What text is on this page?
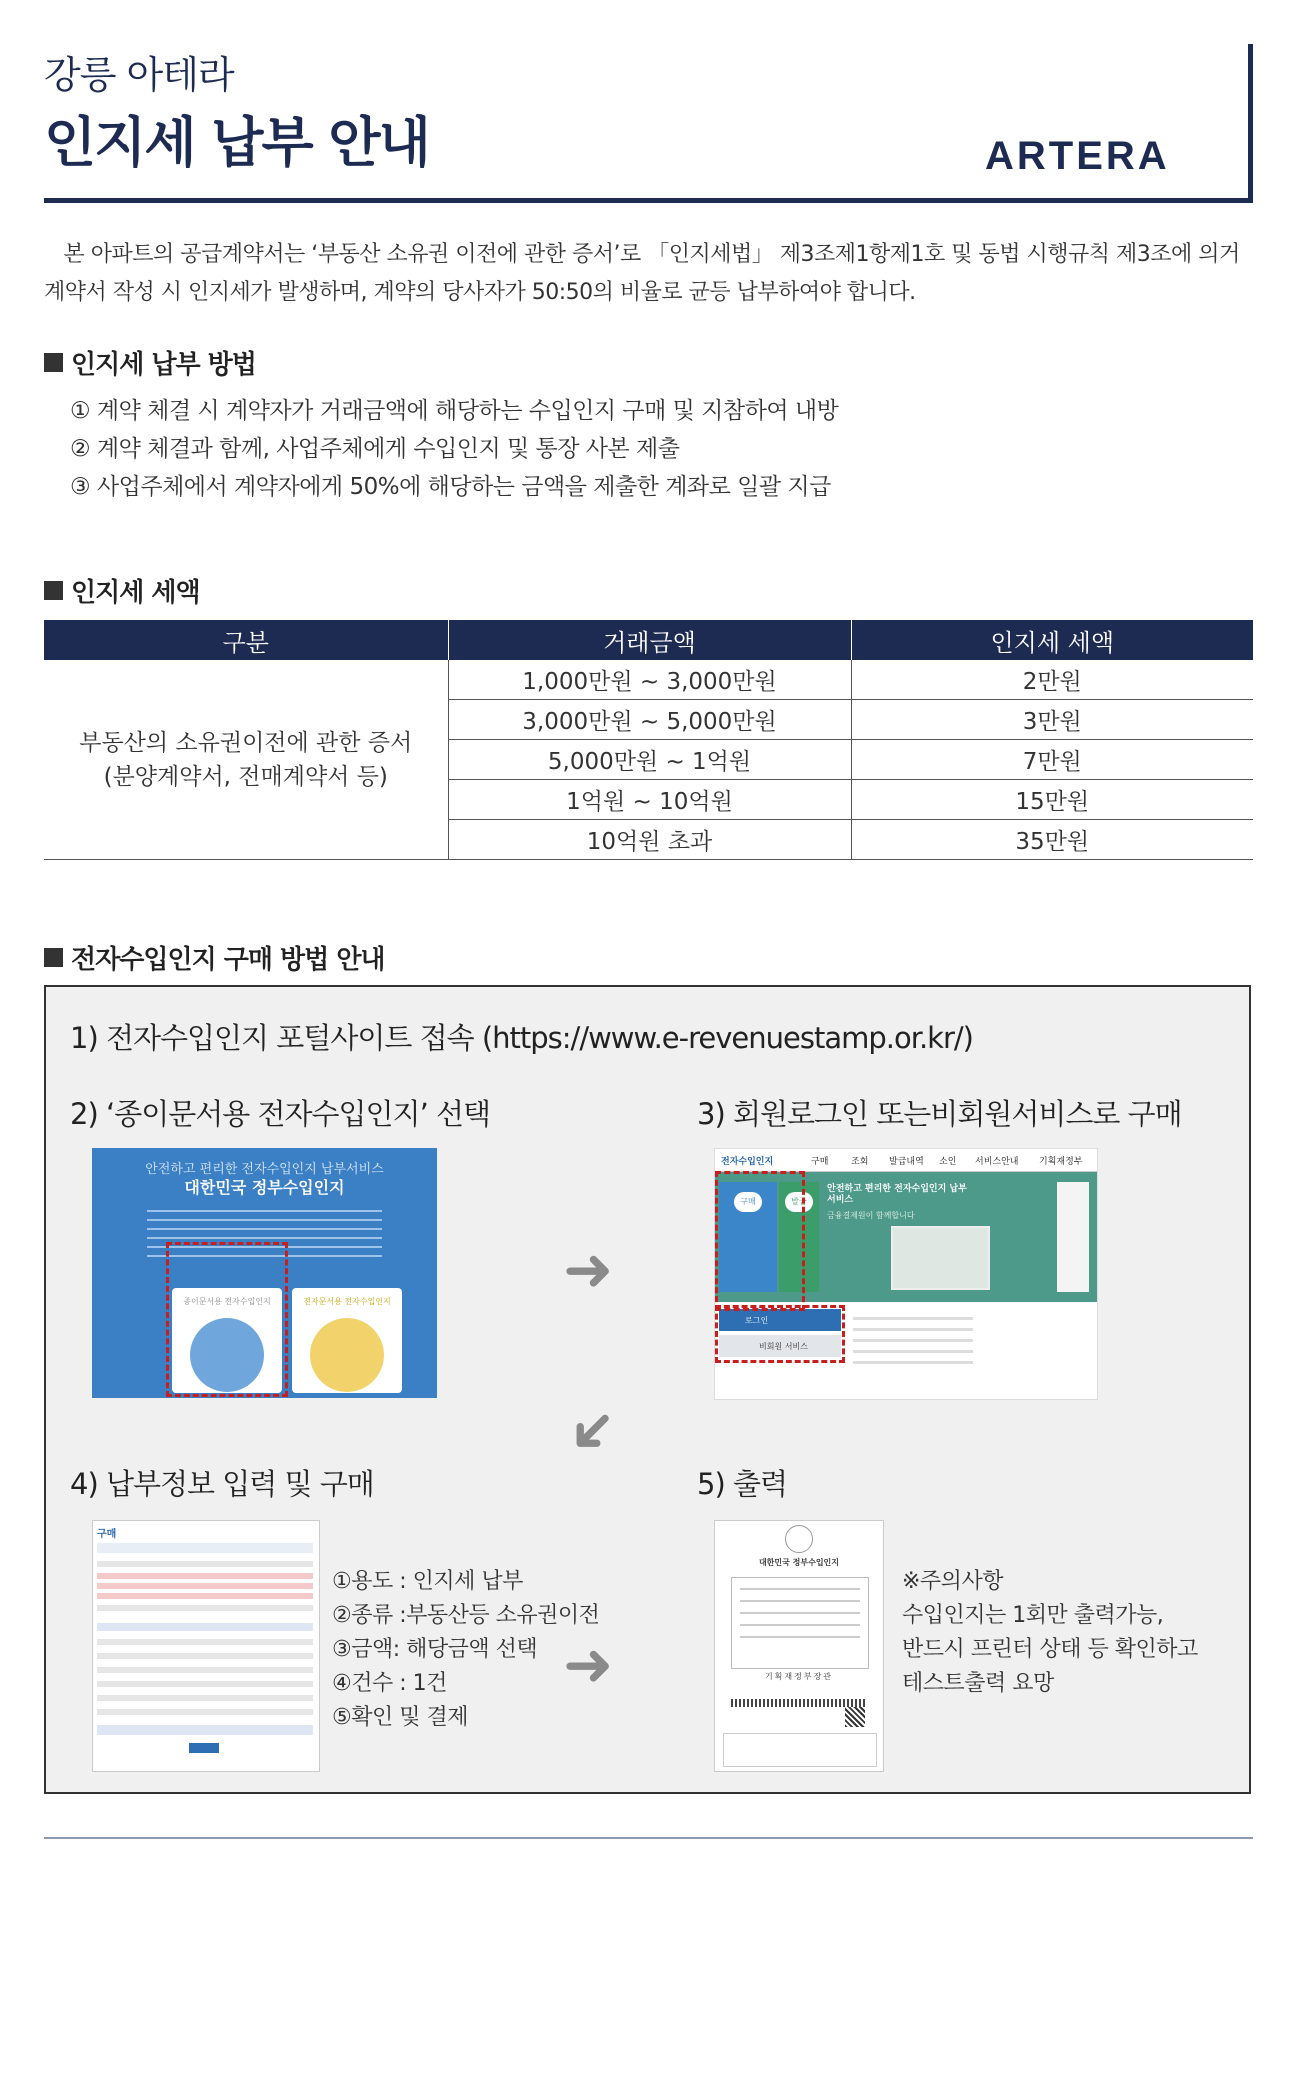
강릉 아테라
인지세 납부 안내	ARTERA
본 아파트의 공급계약서는 ‘부동산 소유권 이전에 관한 증서’로 「인지세법」 제3조제1항제1호 및 동법 시행규칙 제3조에 의거 계약서 작성 시 인지세가 발생하며, 계약의 당사자가 50:50의 비율로 균등 납부하여야 합니다.
인지세 납부 방법
① 계약 체결 시 계약자가 거래금액에 해당하는 수입인지 구매 및 지참하여 내방
② 계약 체결과 함께, 사업주체에게 수입인지 및 통장 사본 제출
③ 사업주체에서 계약자에게 50%에 해당하는 금액을 제출한 계좌로 일괄 지급
인지세 세액
구분	거래금액	인지세 세액

부동산의 소유권이전에 관한 증서
(분양계약서, 전매계약서 등)	1,000만원 ~ 3,000만원	2만원
	3,000만원 ~ 5,000만원	3만원
	5,000만원 ~ 1억원	7만원
	1억원 ~ 10억원	15만원
	10억원 초과	35만원
전자수입인지 구매 방법 안내
1) 전자수입인지 포털사이트 접속 (https://www.e-revenuestamp.or.kr/)
2) ‘종이문서용 전자수입인지’ 선택	3) 회원로그인 또는비회원서비스로 구매
안전하고 편리한 전자수입인지 납부서비스
대한민국 정부수입인지
종이문서용 전자수입인지	전자문서용 전자수입인지	➜
전자수입인지	구매	조회 발급내역 소인 서비스안내 기획재정부
구매	발급
안전하고 편리한 전자수입인지 납부서비스
금융결제원이 함께합니다
로그인
비회원 서비스
➜
4) 납부정보 입력 및 구매	5) 출력
구매
①용도 : 인지세 납부
②종류 :부동산등 소유권이전
③금액: 해당금액 선택
④건수 : 1건
⑤확인 및 결제
➜
대한민국 정부수입인지
기획재정부장관
※주의사항
수입인지는 1회만 출력가능,
반드시 프린터 상태 등 확인하고
테스트출력 요망
